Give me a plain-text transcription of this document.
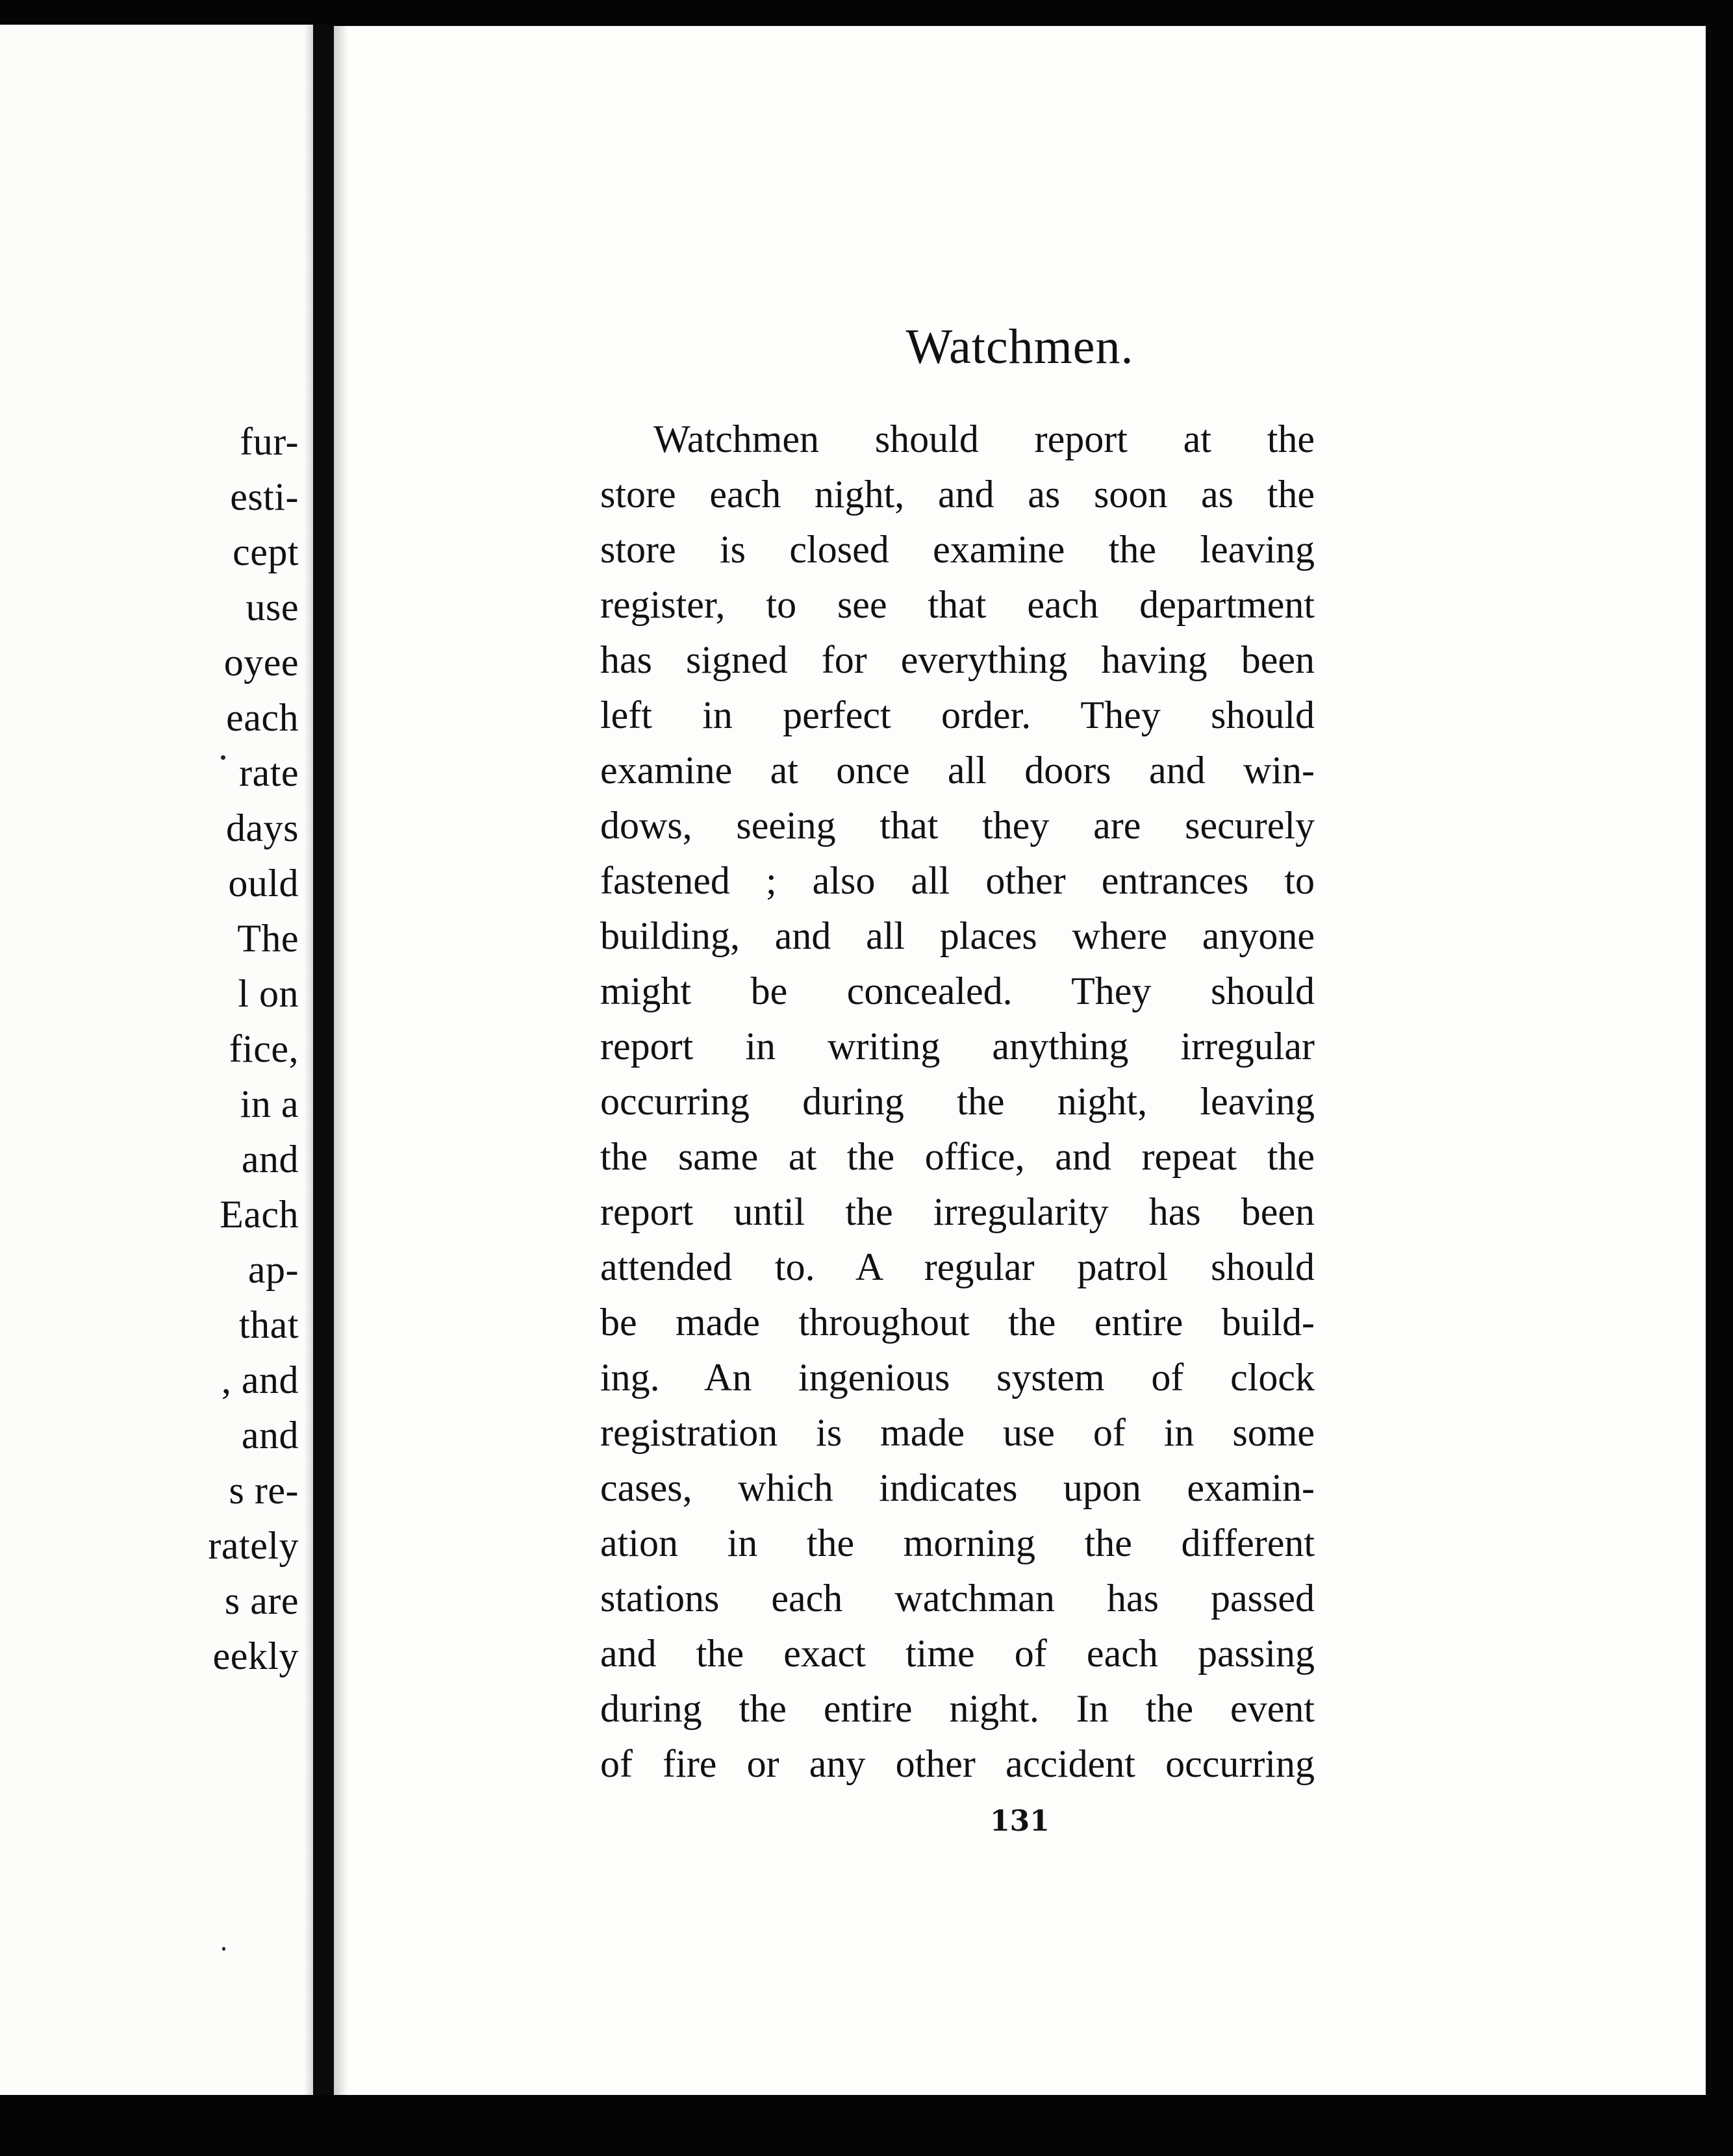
fur-
esti-
cept
use
oyee
each
rate
days
ould
The
l on
fice,
in a
and
Each
ap-
that
, and
and
s re-
rately
s are
eekly
Watchmen.
Watchmen should report at the
store each night, and as soon as the
store is closed examine the leaving
register, to see that each department
has signed for everything having been
left in perfect order. They should
examine at once all doors and win-
dows, seeing that they are securely
fastened ; also all other entrances to
building, and all places where anyone
might be concealed. They should
report in writing anything irregular
occurring during the night, leaving
the same at the office, and repeat the
report until the irregularity has been
attended to. A regular patrol should
be made throughout the entire build-
ing. An ingenious system of clock
registration is made use of in some
cases, which indicates upon examin-
ation in the morning the different
stations each watchman has passed
and the exact time of each passing
during the entire night. In the event
of fire or any other accident occurring
131
